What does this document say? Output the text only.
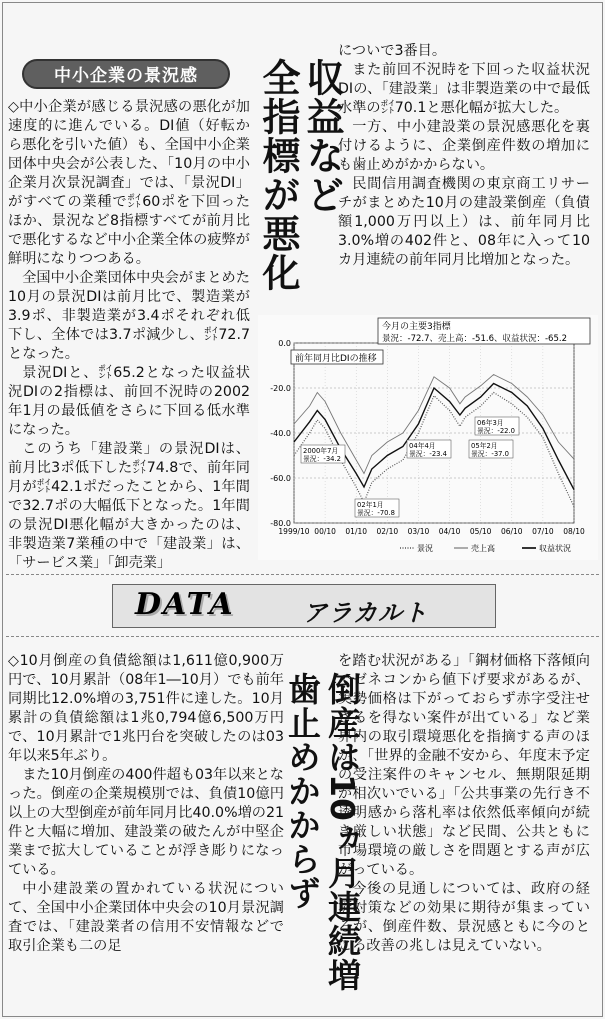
中小企業の景況感

◇中小企業が感じる景況感の悪化が加速度的に進んでいる。DI値（好転から悪化を引いた値）も、全国中小企業団体中央会が公表した、「10月の中小企業月次景況調査」では、「景況DI」がすべての業種で㌽60ポを下回ったほか、景況など8指標すべてが前月比で悪化するなど中小企業全体の疲弊が鮮明になりつつある。

全国中小企業団体中央会がまとめた10月の景況DIは前月比で、製造業が3.9ポ、非製造業が3.4ポそれぞれ低下し、全体では3.7ポ減少し、㌽72.7となった。

景況DIと、㌽65.2となった収益状況DIの2指標は、前回不況時の2002年1月の最低値をさらに下回る低水準になった。

このうち「建設業」の景況DIは、前月比3ポ低下した㌽74.8で、前年同月が㌽42.1ポだったことから、1年間で32.7ポの大幅低下となった。1年間の景況DI悪化幅が大きかったのは、非製造業7業種の中で「建設業」は、「サービス業」「卸売業」

収益など
全指標が悪化

についで3番目。

また前回不況時を下回った収益状況DIの、「建設業」は非製造業の中で最低水準の㌽70.1と悪化幅が拡大した。

一方、中小建設業の景況感悪化を裏付けるように、企業倒産件数の増加にも歯止めがかからない。

民間信用調査機関の東京商工リサーチがまとめた10月の建設業倒産（負債額1,000万円以上）は、前年同月比3.0%増の402件と、08年に入って10カ月連続の前年同月比増加となった。

0.0
-20.0
-40.0
-60.0
-80.0
1999/10 00/10 01/10 02/10 03/10 04/10 05/10 06/10 07/10 08/10
2000年7月
景況：-34.2
02年1月
景況：-70.8
04年4月
景況：-23.4
05年2月
景況：-37.0
06年3月
景況：-22.0
景況	売上高	収益状況
今月の主要3指標
景況：-72.7、売上高：-51.6、収益状況：-65.2
前年同月比DIの推移
DATA	アラカルト

◇10月倒産の負債総額は1,611億0,900万円で、10月累計（08年1―10月）でも前年同期比12.0%増の3,751件に達した。10月累計の負債総額は1兆0,794億6,500万円で、10月累計で1兆円台を突破したのは03年以来5年ぶり。

また10月倒産の400件超も03年以来となった。倒産の企業規模別では、負債10億円以上の大型倒産が前年同月比40.0%増の21件と大幅に増加、建設業の破たんが中堅企業まで拡大していることが浮き彫りになっている。

中小建設業の置かれている状況について、全国中小企業団体中央会の10月景況調査では、「建設業者の信用不安情報などで取引企業も二の足	倒産は10ヵ月連続増
歯止めかからず

を踏む状況がある」「鋼材価格下落傾向でゼネコンから値下げ要求があるが、実勢価格は下がっておらず赤字受注せざるを得ない案件が出ている」など業界内の取引環境悪化を指摘する声のほか、「世界的金融不安から、年度末予定の受注案件のキャンセル、無期限延期が相次いでいる」「公共事業の先行き不透明感から落札率は依然低率傾向が続き厳しい状態」など民間、公共ともに市場環境の厳しさを問題とする声が広がっている。

今後の見通しについては、政府の経済対策などの効果に期待が集まっているが、倒産件数、景況感ともに今のところ改善の兆しは見えていない。
